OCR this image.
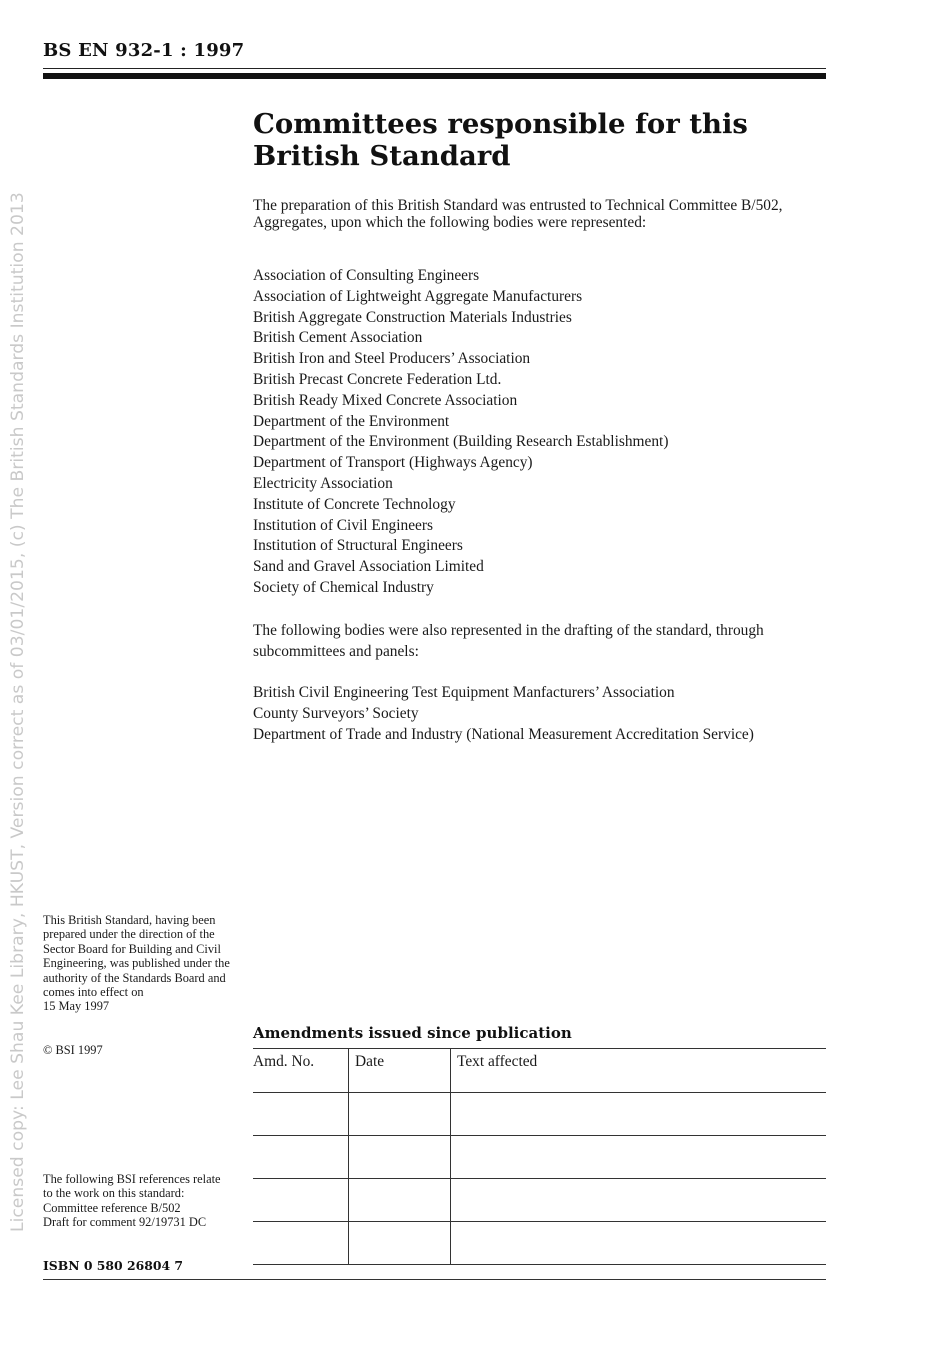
BS EN 932-1 : 1997
Licensed copy: Lee Shau Kee Library, HKUST, Version correct as of 03/01/2015, (c) The British Standards Institution 2013
Committees responsible for this
British Standard

The preparation of this British Standard was entrusted to Technical Committee B/502, Aggregates, upon which the following bodies were represented:

Association of Consulting Engineers
Association of Lightweight Aggregate Manufacturers
British Aggregate Construction Materials Industries
British Cement Association
British Iron and Steel Producers’ Association
British Precast Concrete Federation Ltd.
British Ready Mixed Concrete Association
Department of the Environment
Department of the Environment (Building Research Establishment)
Department of Transport (Highways Agency)
Electricity Association
Institute of Concrete Technology
Institution of Civil Engineers
Institution of Structural Engineers
Sand and Gravel Association Limited
Society of Chemical Industry

The following bodies were also represented in the drafting of the standard, through subcommittees and panels:

British Civil Engineering Test Equipment Manfacturers’ Association
County Surveyors’ Society
Department of Trade and Industry (National Measurement Accreditation Service)

This British Standard, having been prepared under the direction of the Sector Board for Building and Civil Engineering, was published under the authority of the Standards Board and comes into effect on

15 May 1997

© BSI 1997

The following BSI references relate to the work on this standard:

Committee reference B/502

Draft for comment 92/19731 DC

ISBN 0 580 26804 7
Amendments issued since publication
Amd. No.	Date	Text affected
